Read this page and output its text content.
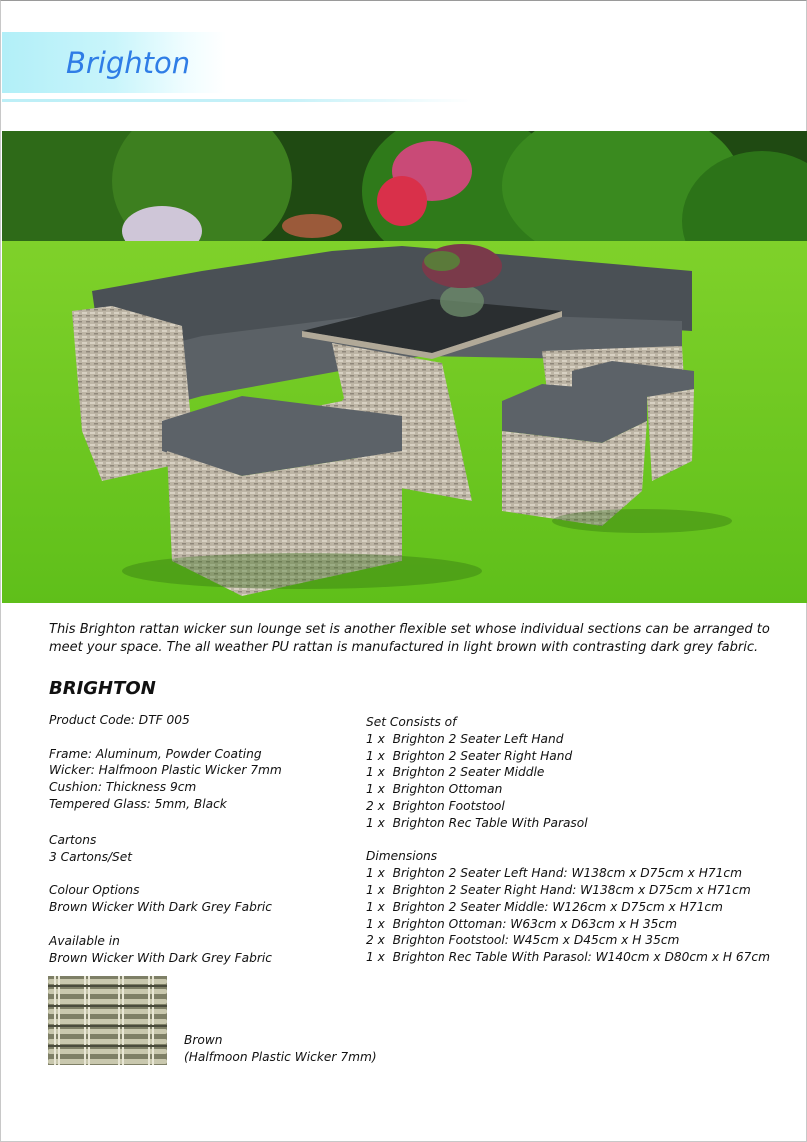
Brighton

This Brighton rattan wicker sun lounge set is another flexible set whose individual sections can be arranged to meet your space. The all weather PU rattan is manufactured in light brown with contrasting dark grey fabric.

BRIGHTON
Product Code: DTF 005
Frame: Aluminum, Powder Coating
Wicker: Halfmoon Plastic Wicker 7mm
Cushion: Thickness 9cm
Tempered Glass: 5mm, Black
Cartons
3 Cartons/Set
Colour Options
Brown Wicker With Dark Grey Fabric
Available in
Brown Wicker With Dark Grey Fabric
Set Consists of
1 x Brighton 2 Seater Left Hand
1 x Brighton 2 Seater Right Hand
1 x Brighton 2 Seater Middle
1 x Brighton Ottoman
2 x Brighton Footstool
1 x Brighton Rec Table With Parasol
Dimensions
1 x Brighton 2 Seater Left Hand: W138cm x D75cm x H71cm
1 x Brighton 2 Seater Right Hand: W138cm x D75cm x H71cm
1 x Brighton 2 Seater Middle: W126cm x D75cm x H71cm
1 x Brighton Ottoman: W63cm x D63cm x H 35cm
2 x Brighton Footstool: W45cm x D45cm x H 35cm
1 x Brighton Rec Table With Parasol: W140cm x D80cm x H 67cm
Brown
(Halfmoon Plastic Wicker 7mm)
